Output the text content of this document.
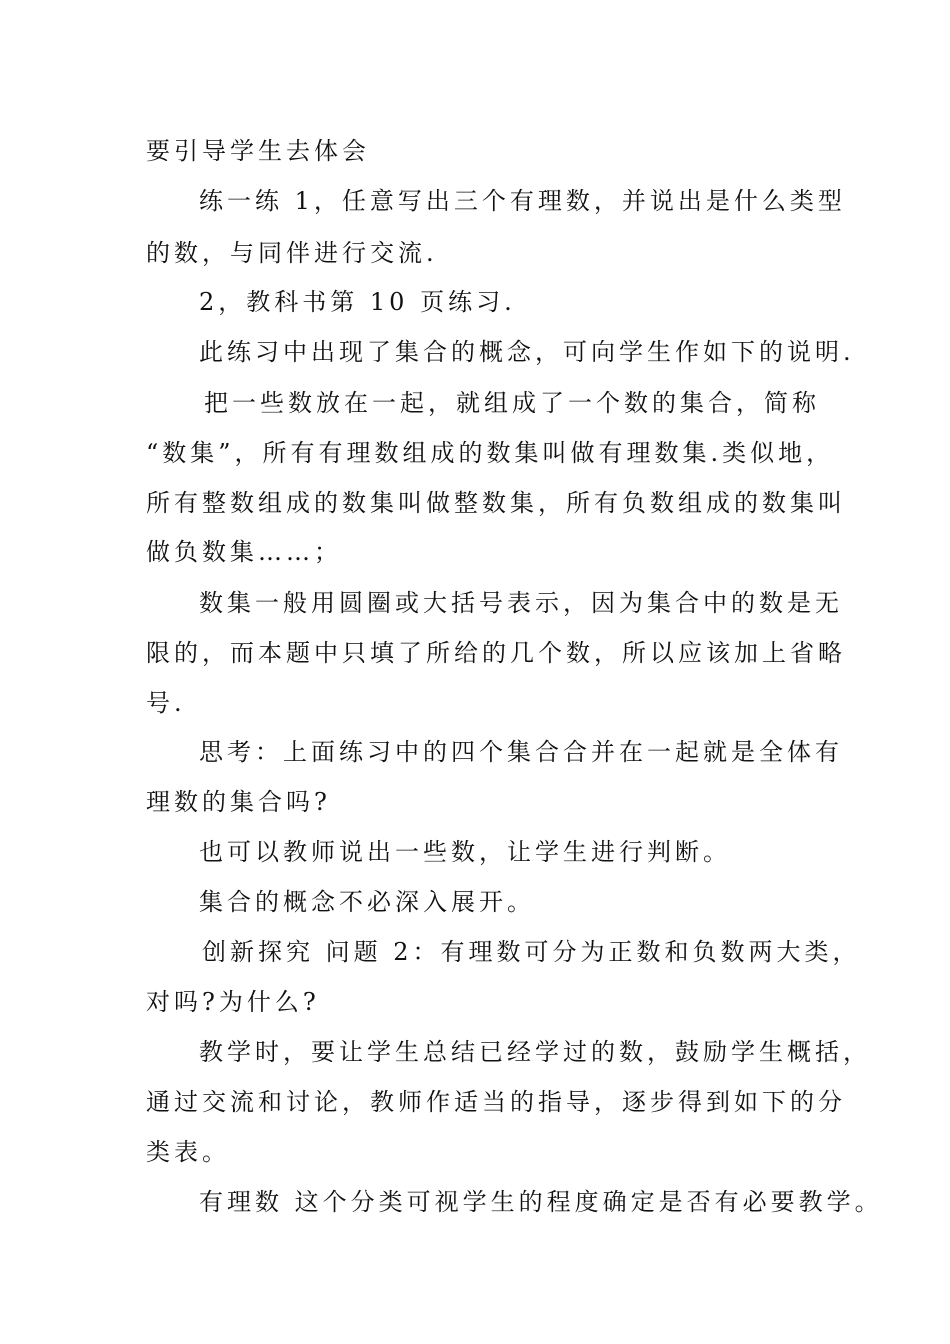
要引导学生去体会
练一练 1，任意写出三个有理数，并说出是什么类型
的数，与同伴进行交流.
2，教科书第 10 页练习.
此练习中出现了集合的概念，可向学生作如下的说明.
把一些数放在一起，就组成了一个数的集合，简称
“数集”，所有有理数组成的数集叫做有理数集.类似地，
所有整数组成的数集叫做整数集，所有负数组成的数集叫
做负数集……；
数集一般用圆圈或大括号表示，因为集合中的数是无
限的，而本题中只填了所给的几个数，所以应该加上省略
号.
思考：上面练习中的四个集合合并在一起就是全体有
理数的集合吗?
也可以教师说出一些数，让学生进行判断。
集合的概念不必深入展开。
创新探究 问题 2：有理数可分为正数和负数两大类，
对吗?为什么?
教学时，要让学生总结已经学过的数，鼓励学生概括，
通过交流和讨论，教师作适当的指导，逐步得到如下的分
类表。
有理数 这个分类可视学生的程度确定是否有必要教学。
